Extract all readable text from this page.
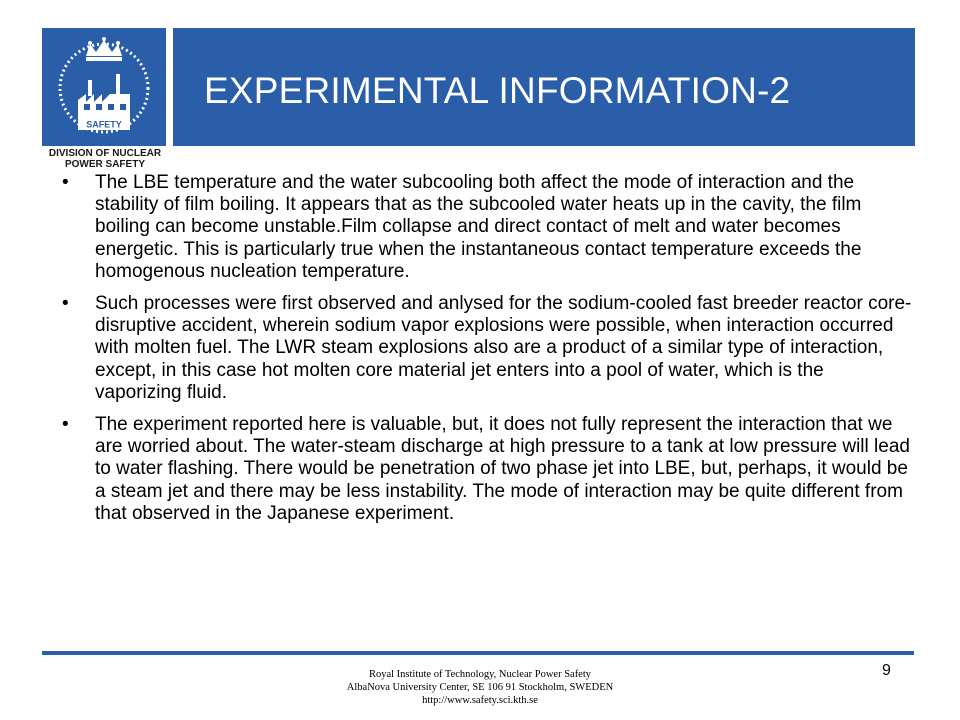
SAFETY
DIVISION OF NUCLEAR
POWER SAFETY
EXPERIMENTAL INFORMATION-2
• The LBE temperature and the water subcooling both affect the mode of interaction and the stability of film boiling. It appears that as the subcooled water heats up in the cavity, the film boiling can become unstable.Film collapse and direct contact of melt and water becomes energetic. This is particularly true when the instantaneous contact temperature exceeds the homogenous nucleation temperature.
• Such processes were first observed and anlysed for the sodium-cooled fast breeder reactor core-disruptive accident, wherein sodium vapor explosions were possible, when interaction occurred with molten fuel. The LWR steam explosions also are a product of a similar type of interaction, except, in this case hot molten core material jet enters into a pool of water, which is the vaporizing fluid.
• The experiment reported here is valuable, but, it does not fully represent the interaction that we are worried about. The water-steam discharge at high pressure to a tank at low pressure will lead to water flashing. There would be penetration of two phase jet into LBE, but, perhaps, it would be a steam jet and there may be less instability. The mode of interaction may be quite different from that observed in the Japanese experiment.
Royal Institute of Technology, Nuclear Power Safety
AlbaNova University Center, SE 106 91 Stockholm, SWEDEN
http://www.safety.sci.kth.se
9
